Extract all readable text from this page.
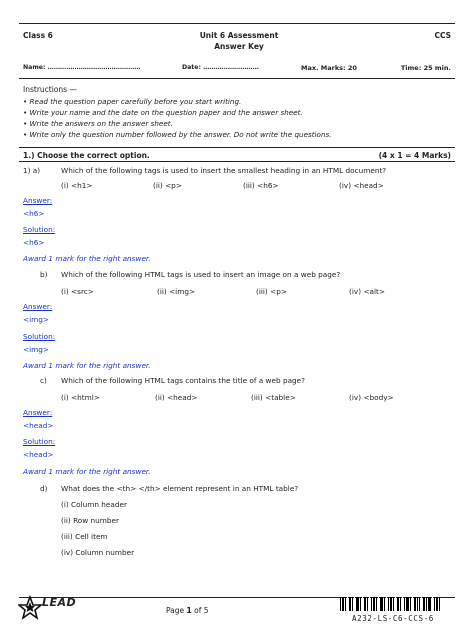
Class 6	Unit 6 Assessment
Answer Key
CCS
Name: ………………………………………	Date: ………………………	Max. Marks: 20	Time: 25 min.
Instructions —
• Read the question paper carefully before you start writing.
• Write your name and the date on the question paper and the answer sheet.
• Write the answers on the answer sheet.
• Write only the question number followed by the answer. Do not write the questions.
1.) Choose the correct option.	(4 x 1 = 4 Marks)
1) a)	Which of the following tags is used to insert the smallest heading in an HTML document?
(i) <h1>	(ii) <p>	(iii) <h6>	(iv) <head>
Answer:
<h6>
Solution:
<h6>
Award 1 mark for the right answer.
b) Which of the following HTML tags is used to insert an image on a web page?
(i) <src>	(ii) <img>	(iii) <p>	(iv) <alt>
Answer:
<img>
Solution:
<img>
Award 1 mark for the right answer.
c) Which of the following HTML tags contains the title of a web page?
(i) <html>	(ii) <head>	(iii) <table>	(iv) <body>
Answer:
<head>
Solution:
<head>
Award 1 mark for the right answer.
d) What does the <th> </th> element represent in an HTML table?
(i) Column header
(ii) Row number
(iii) Cell item
(iv) Column number
LEAD
Page 1 of 5
A232-LS-C6-CCS-6
